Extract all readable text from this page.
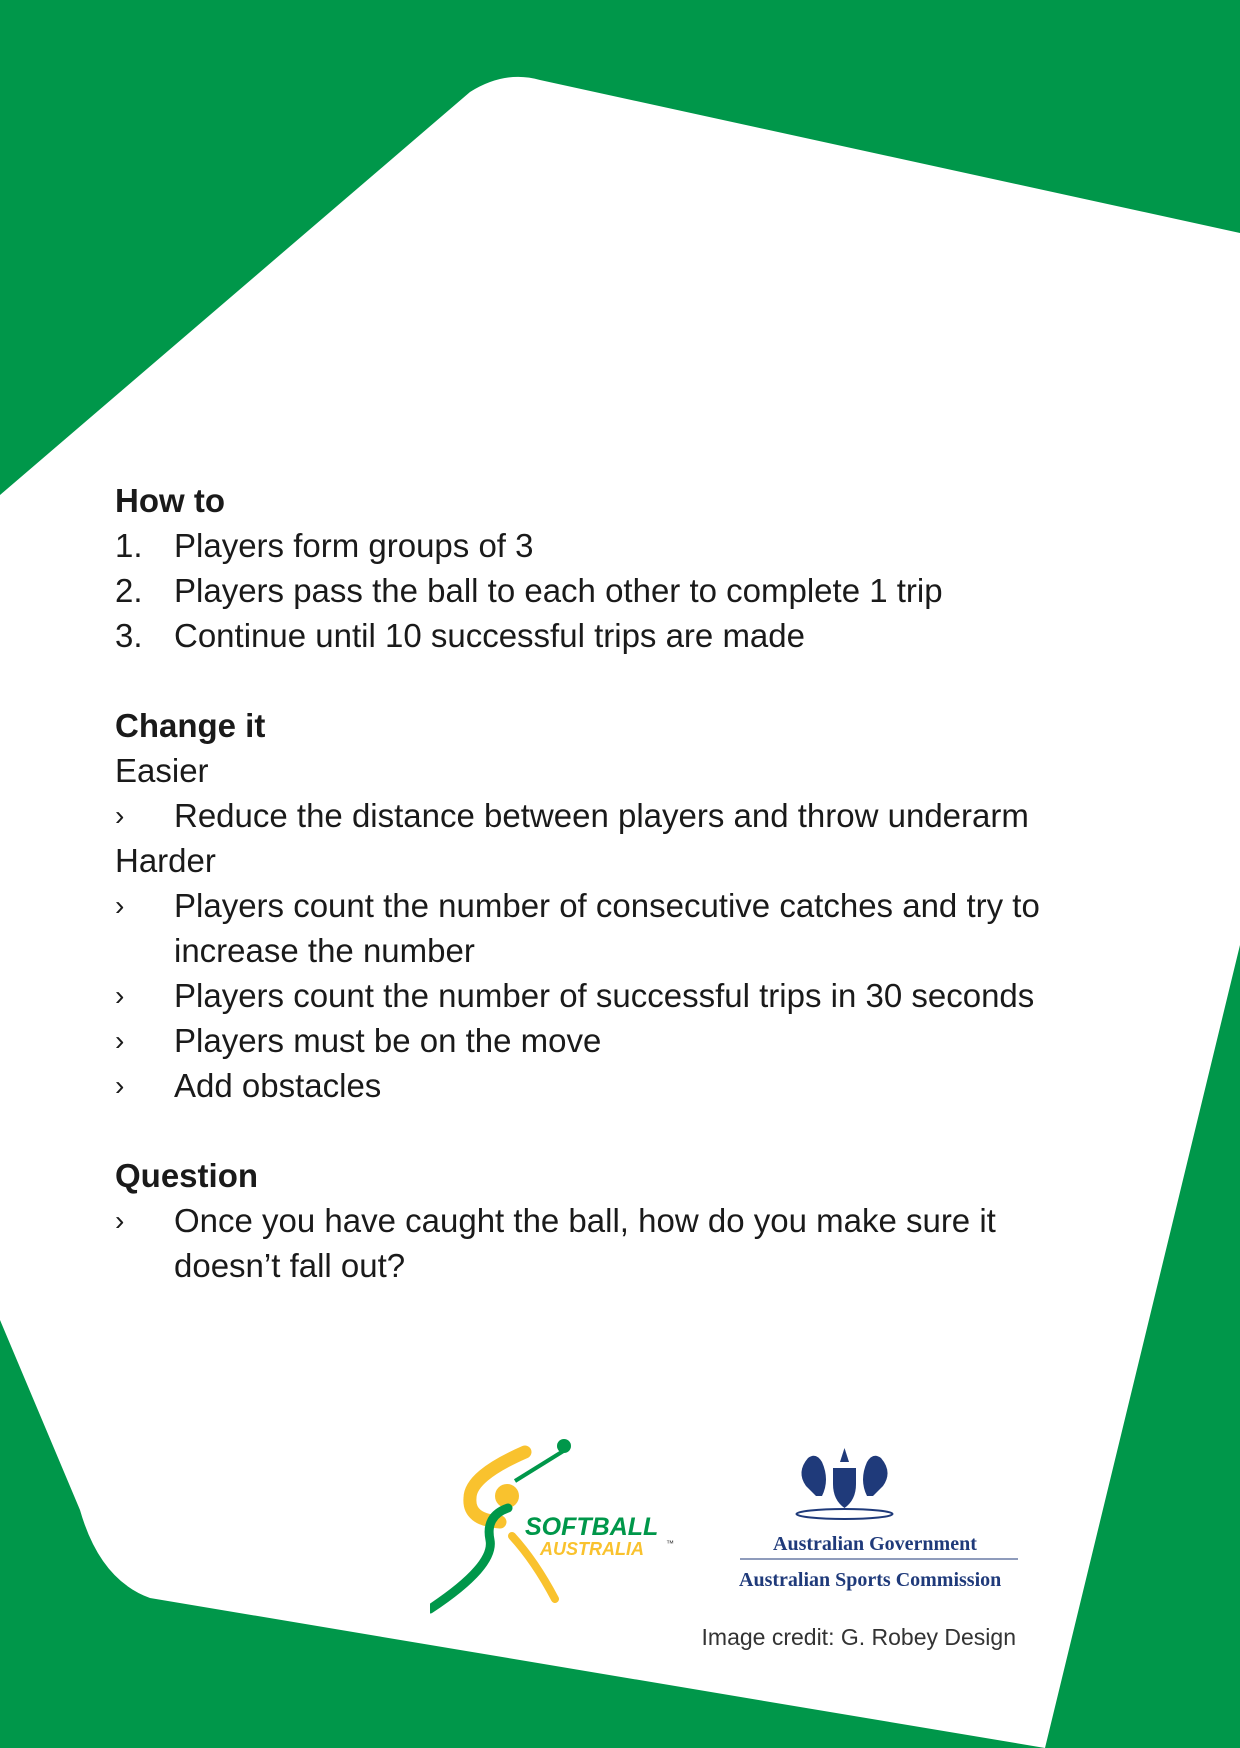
How to

1. Players form groups of 3
2. Players pass the ball to each other to complete 1 trip
3. Continue until 10 successful trips are made

Change it

Easier
›	Reduce the distance between players and throw underarm
Harder
›	Players count the number of consecutive catches and try to increase the number
›	Players count the number of successful trips in 30 seconds
›	Players must be on the move
›	Add obstacles

Question

›	Once you have caught the ball, how do you make sure it doesn’t fall out?
SOFTBALL
AUSTRALIA	™	Australian Government
Australian Sports Commission
Image credit: G. Robey Design
